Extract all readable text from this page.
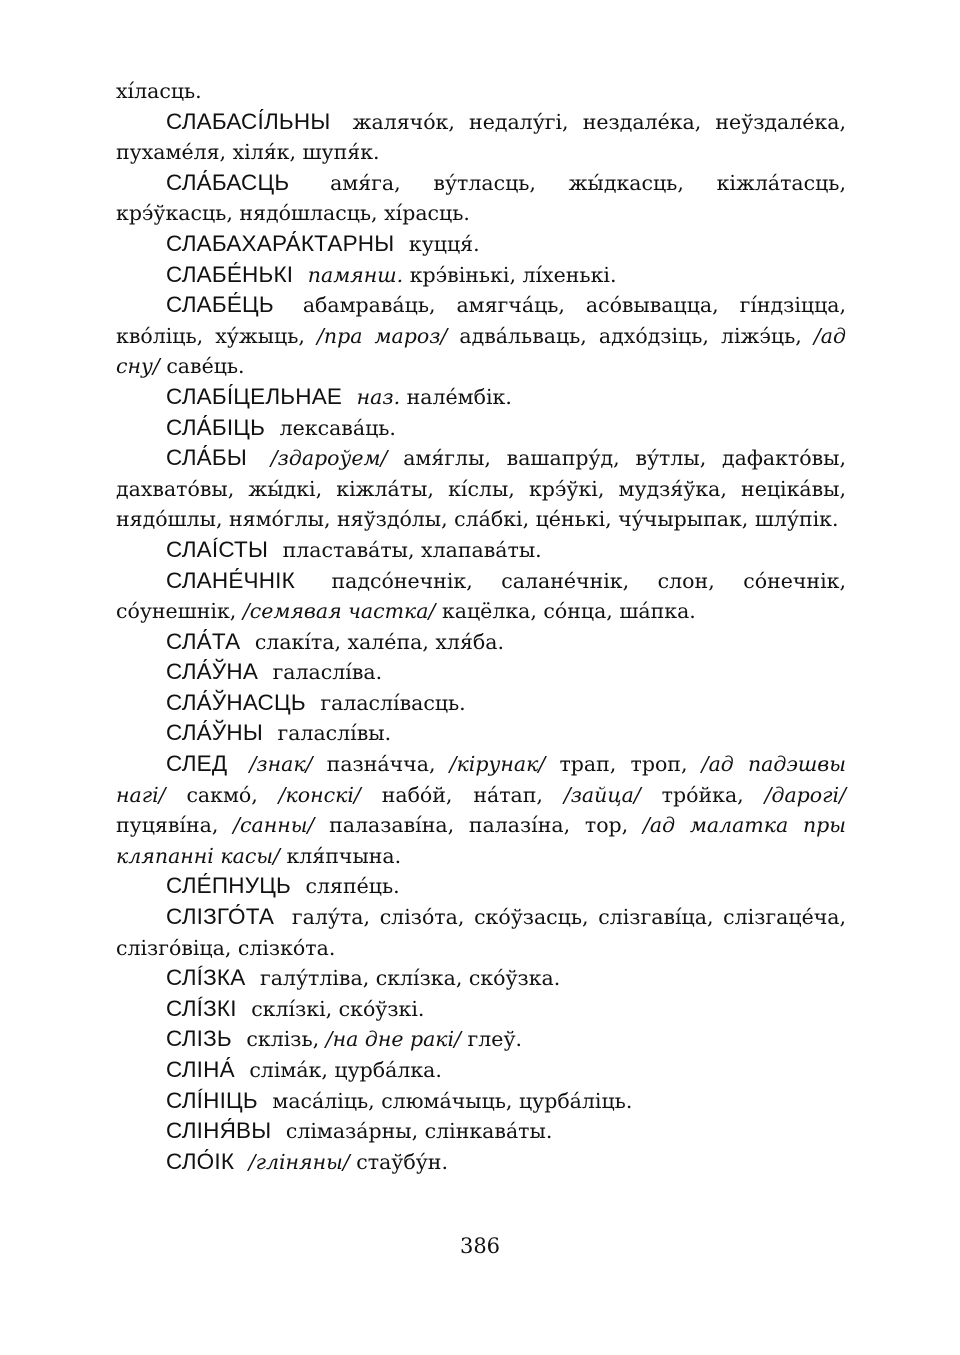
хíласць.

СЛАБАСІ́ЛЬНЫ жалячо́к, недалу́гі, нездале́ка, неўздале́ка, пухаме́ля, хіля́к, шупя́к.

СЛА́БАСЦЬ амя́га, ву́тласць, жы́дкасць, кіжла́тасць, крэ́ўкасць, нядо́шласць, хíрасць.

СЛАБАХАРА́КТАРНЫ куцця́.

СЛАБЕ́НЬКІ памянш. крэ́вінькі, лíхенькі.

СЛАБЕ́ЦЬ абамрава́ць, амягча́ць, асо́вывацца, гíндзіцца, кво́ліць, ху́жыць, /пра мароз/ адва́льваць, адхо́дзіць, ліжэ́ць, /ад сну/ саве́ць.

СЛАБІ́ЦЕЛЬНАЕ наз. нале́мбік.

СЛА́БІЦЬ лексава́ць.

СЛА́БЫ /здароўем/ амя́глы, вашапру́д, ву́тлы, дафакто́вы, дахвато́вы, жы́дкі, кіжла́ты, кíслы, крэ́ўкі, мудзя́ўка, нецікáвы, нядо́шлы, нямо́глы, няўздо́лы, сла́бкі, це́нькі, чу́чырыпак, шлу́пік.

СЛАÍСТЫ пластава́ты, хлапава́ты.

СЛАНЕ́ЧНІК падсо́нечнік, салане́чнік, слон, со́нечнік, со́унешнік, /семявая частка/ кацёлка, со́нца, шáпка.

СЛА́ТА слакíта, хале́па, хля́ба.

СЛА́ЎНА галаслíва.

СЛА́ЎНАСЦЬ галаслíвасць.

СЛА́ЎНЫ галаслíвы.

СЛЕД /знак/ пазна́чча, /кірунак/ трап, троп, /ад падэшвы нагі/ сакмо́, /конскі/ набо́й, на́тап, /зайца/ тро́йка, /дарогі/ пуцявíна, /санны/ палазавíна, палазíна, тор, /ад малатка пры кляпанні касы/ кля́пчына.

СЛЕ́ПНУЦЬ сляпе́ць.

СЛІЗГО́ТА галу́та, слізо́та, ско́ўзасць, слізгавíца, слізгаце́ча, слізго́віца, слізко́та.

СЛÍЗКА галу́тліва, склíзка, ско́ўзка.

СЛÍЗКІ склíзкі, ско́ўзкі.

СЛІЗЬ склізь, /на дне ракі/ глеў.

СЛІНА́ слімáк, цурба́лка.

СЛÍНІЦЬ маса́ліць, слюма́чыць, цурба́ліць.

СЛІНЯ́ВЫ слімаза́рны, слінкава́ты.

СЛО́ІК /гліняны/ стаўбу́н.

386
